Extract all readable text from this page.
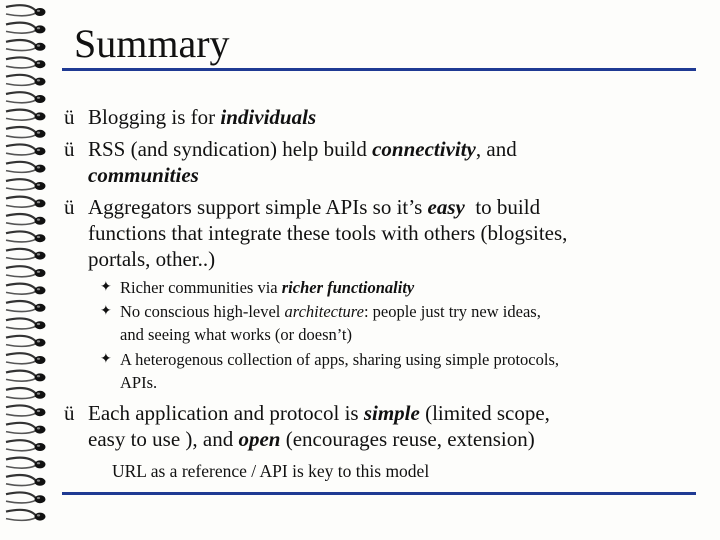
Summary
ü Blogging is for individuals
ü RSS (and syndication) help build connectivity, and
communities
ü Aggregators support simple APIs so it’s easy  to build
functions that integrate these tools with others (blogsites,
portals, other..)
✦ Richer communities via richer functionality
✦ No conscious high-level architecture: people just try new ideas,
and seeing what works (or doesn’t)
✦ A heterogenous collection of apps, sharing using simple protocols,
APIs.
ü Each application and protocol is simple (limited scope,
easy to use ), and open (encourages reuse, extension)
URL as a reference / API is key to this model
